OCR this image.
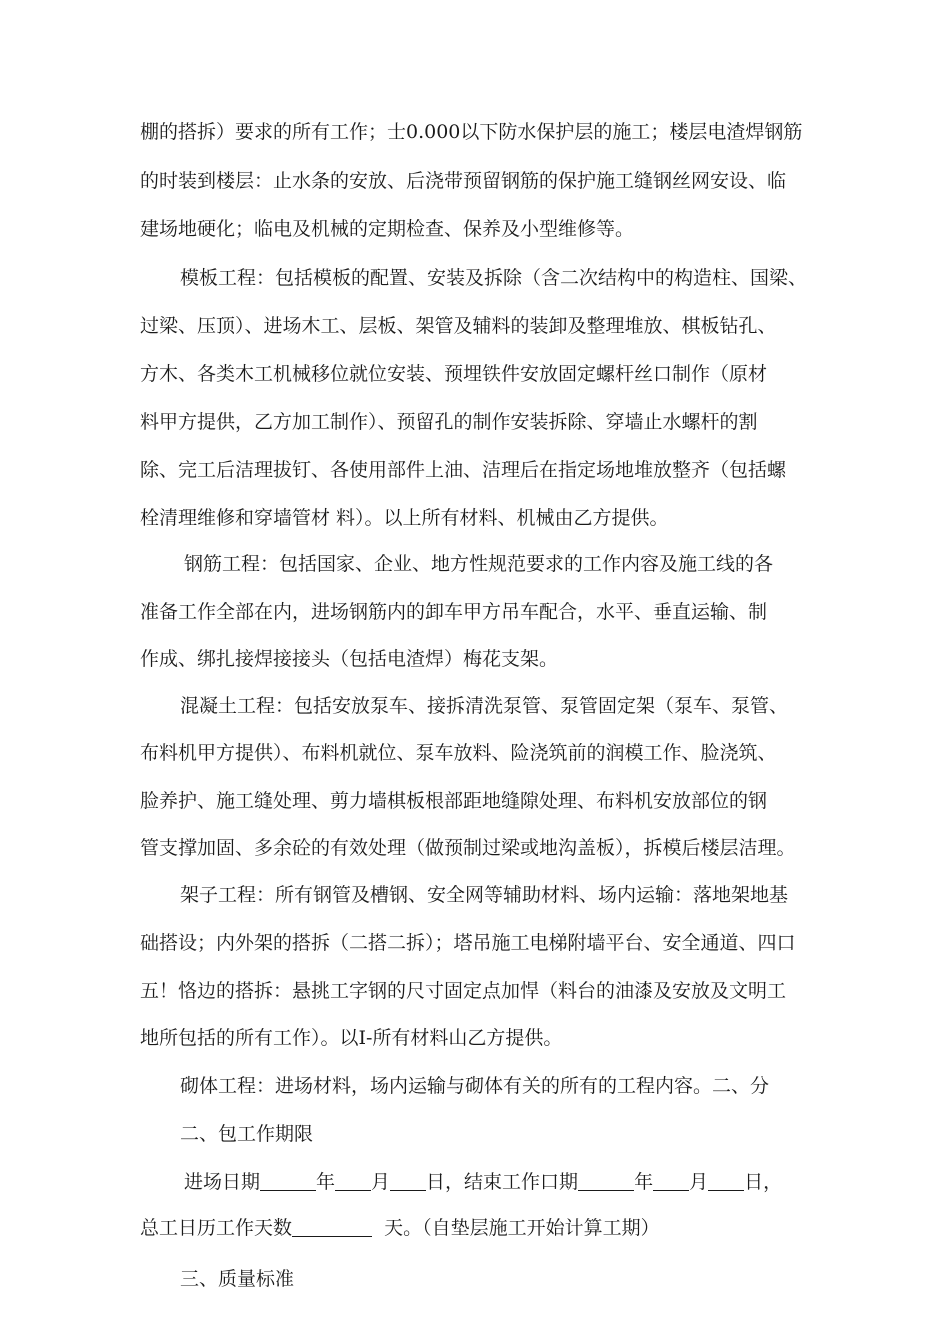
棚的搭拆）要求的所有工作；士0.000以下防水保护层的施工；楼层电渣焊钢筋
的时装到楼层：止水条的安放、后浇带预留钢筋的保护施工缝钢丝网安设、临
建场地硬化；临电及机械的定期检查、保养及小型维修等。
模板工程：包括模板的配置、安装及拆除（含二次结构中的构造柱、国梁、
过梁、压顶）、进场木工、层板、架管及辅料的装卸及整理堆放、棋板钻孔、
方木、各类木工机械移位就位安装、预埋铁件安放固定螺杆丝口制作（原材
料甲方提供，乙方加工制作）、预留孔的制作安装拆除、穿墙止水螺杆的割
除、完工后洁理拔钉、各使用部件上油、洁理后在指定场地堆放整齐（包括螺
栓清理维修和穿墙管材 料）。以上所有材料、机械由乙方提供。
钢筋工程：包括国家、企业、地方性规范要求的工作内容及施工线的各
准备工作全部在内，进场钢筋内的卸车甲方吊车配合，水平、垂直运输、制
作成、绑扎接焊接接头（包括电渣焊）梅花支架。
混凝土工程：包括安放泵车、接拆清洗泵管、泵管固定架（泵车、泵管、
布料机甲方提供）、布料机就位、泵车放料、险浇筑前的润模工作、脸浇筑、
脸养护、施工缝处理、剪力墙棋板根部距地缝隙处理、布料机安放部位的钢
管支撑加固、多余砼的有效处理（做预制过梁或地沟盖板），拆模后楼层洁理。
架子工程：所有钢管及槽钢、安全网等辅助材料、场内运输：落地架地基
础搭设；内外架的搭拆（二搭二拆）；塔吊施工电梯附墙平台、安全通道、四口
五！恪边的搭拆：悬挑工字钢的尺寸固定点加悍（料台的油漆及安放及文明工
地所包括的所有工作）。以I-所有材料山乙方提供。
砌体工程：进场材料，场内运输与砌体有关的所有的工程内容。二、分
二、包工作期限
进场日期	年 月 日，结束工作口期	年 月 日，
总工日历工作天数	天。（自垫层施工开始计算工期）
三、质量标准
